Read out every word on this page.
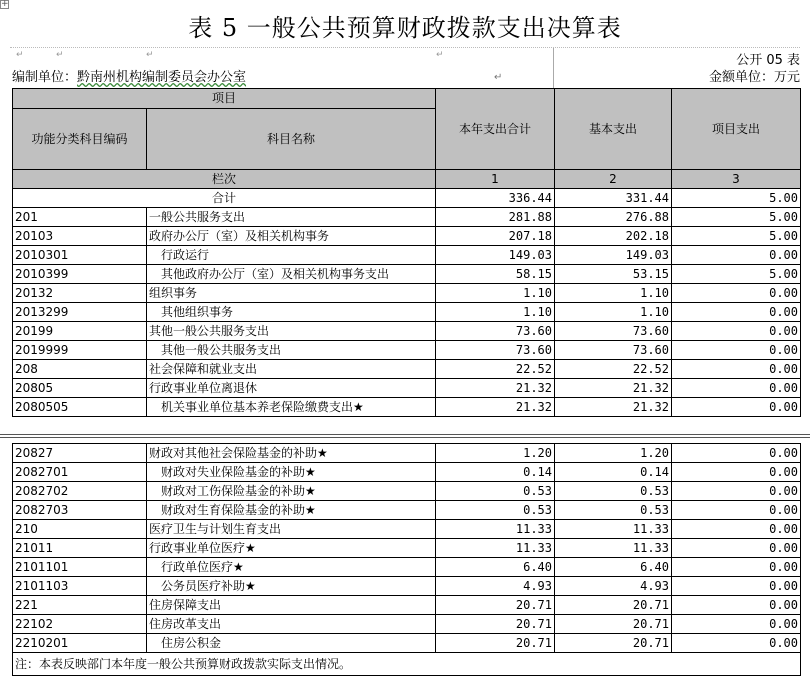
+
表 5 一般公共预算财政拨款支出决算表
↵	↵	↵	↵	公开 05 表
编制单位：黔南州机构编制委员会办公室	↵	金额单位：万元
项目		本年支出合计	基本支出	项目支出
功能分类科目编码	科目名称			
栏次		1	2	3
合计		336.44	331.44	5.00
201	一般公共服务支出	281.88	276.88	5.00
20103	政府办公厅（室）及相关机构事务	207.18	202.18	5.00
2010301	行政运行	149.03	149.03	0.00
2010399	其他政府办公厅（室）及相关机构事务支出	58.15	53.15	5.00
20132	组织事务	1.10	1.10	0.00
2013299	其他组织事务	1.10	1.10	0.00
20199	其他一般公共服务支出	73.60	73.60	0.00
2019999	其他一般公共服务支出	73.60	73.60	0.00
208	社会保障和就业支出	22.52	22.52	0.00
20805	行政事业单位离退休	21.32	21.32	0.00
2080505	机关事业单位基本养老保险缴费支出★	21.32	21.32	0.00
20827	财政对其他社会保险基金的补助★	1.20	1.20	0.00
2082701	财政对失业保险基金的补助★	0.14	0.14	0.00
2082702	财政对工伤保险基金的补助★	0.53	0.53	0.00
2082703	财政对生育保险基金的补助★	0.53	0.53	0.00
210	医疗卫生与计划生育支出	11.33	11.33	0.00
21011	行政事业单位医疗★	11.33	11.33	0.00
2101101	行政单位医疗★	6.40	6.40	0.00
2101103	公务员医疗补助★	4.93	4.93	0.00
221	住房保障支出	20.71	20.71	0.00
22102	住房改革支出	20.71	20.71	0.00
2210201	住房公积金	20.71	20.71	0.00
注：本表反映部门本年度一般公共预算财政拨款实际支出情况。				
